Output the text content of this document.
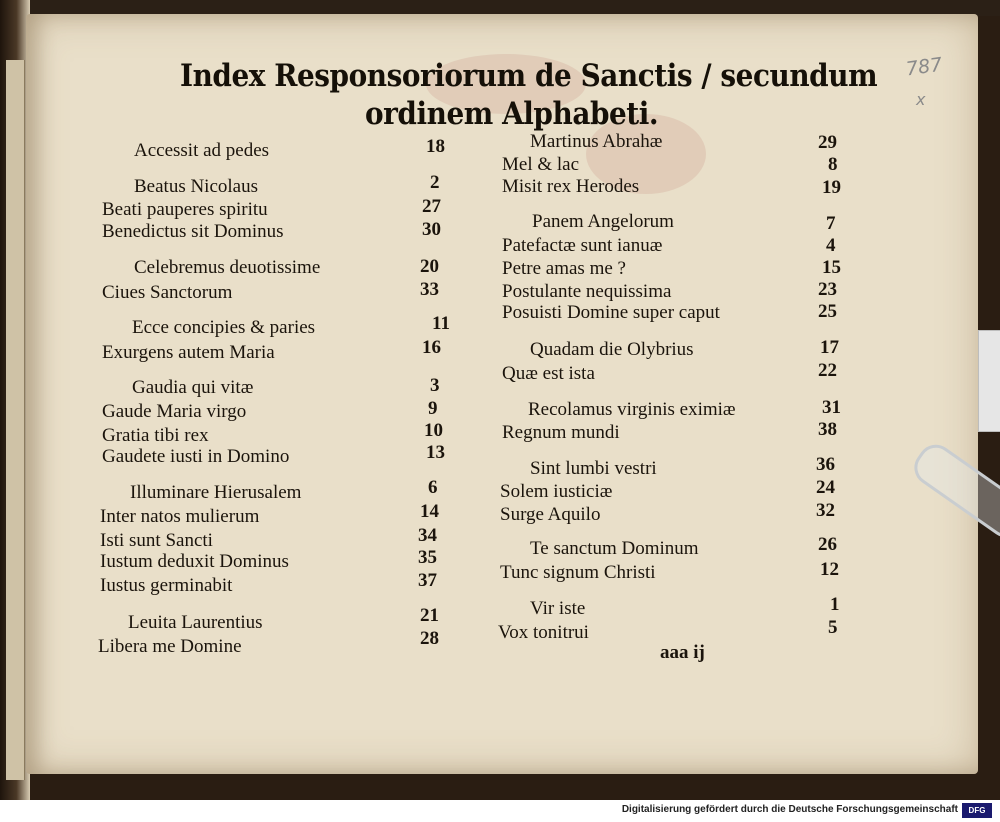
Index Responsoriorum de Sanctis / secundum
ordinem Alphabeti.
787
x
Accessit ad pedes	18
Beatus Nicolaus	2
Beati pauperes spiritu	27
Benedictus sit Dominus	30
Celebremus deuotissime	20
Ciues Sanctorum	33
Ecce concipies & paries	11
Exurgens autem Maria	16
Gaudia qui vitæ	3
Gaude Maria virgo	9
Gratia tibi rex	10
Gaudete iusti in Domino	13
Illuminare Hierusalem	6
Inter natos mulierum	14
Isti sunt Sancti	34
Iustum deduxit Dominus	35
Iustus germinabit	37
Leuita Laurentius	21
Libera me Domine	28
Martinus Abrahæ	29
Mel & lac	8
Misit rex Herodes	19
Panem Angelorum	7
Patefactæ sunt ianuæ	4
Petre amas me ?	15
Postulante nequissima	23
Posuisti Domine super caput	25
Quadam die Olybrius	17
Quæ est ista	22
Recolamus virginis eximiæ	31
Regnum mundi	38
Sint lumbi vestri	36
Solem iusticiæ	24
Surge Aquilo	32
Te sanctum Dominum	26
Tunc signum Christi	12
Vir iste	1
Vox tonitrui	5
aaa ij
Digitalisierung gefördert durch die Deutsche Forschungsgemeinschaft	DFG
